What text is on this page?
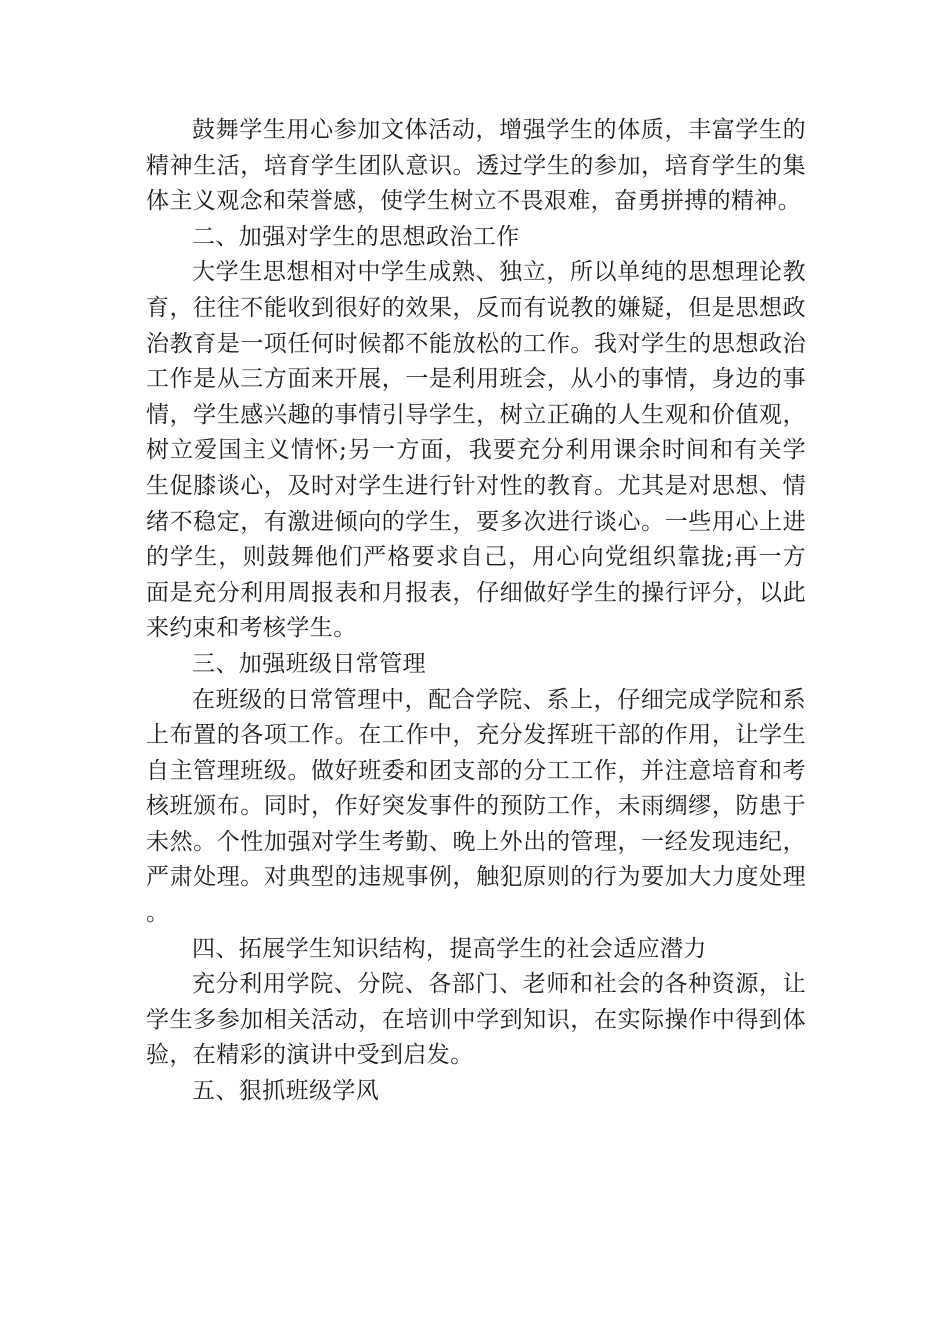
鼓舞学生用心参加文体活动，增强学生的体质，丰富学生的精神生活，培育学生团队意识。透过学生的参加，培育学生的集体主义观念和荣誉感，使学生树立不畏艰难，奋勇拼搏的精神。

二、加强对学生的思想政治工作

大学生思想相对中学生成熟、独立，所以单纯的思想理论教育，往往不能收到很好的效果，反而有说教的嫌疑，但是思想政治教育是一项任何时候都不能放松的工作。我对学生的思想政治工作是从三方面来开展，一是利用班会，从小的事情，身边的事情，学生感兴趣的事情引导学生，树立正确的人生观和价值观，树立爱国主义情怀;另一方面，我要充分利用课余时间和有关学生促膝谈心，及时对学生进行针对性的教育。尤其是对思想、情绪不稳定，有激进倾向的学生，要多次进行谈心。一些用心上进的学生，则鼓舞他们严格要求自己，用心向党组织靠拢;再一方面是充分利用周报表和月报表，仔细做好学生的操行评分，以此来约束和考核学生。

三、加强班级日常管理

在班级的日常管理中，配合学院、系上，仔细完成学院和系上布置的各项工作。在工作中，充分发挥班干部的作用，让学生自主管理班级。做好班委和团支部的分工工作，并注意培育和考核班颁布。同时，作好突发事件的预防工作，未雨绸缪，防患于未然。个性加强对学生考勤、晚上外出的管理，一经发现违纪，严肃处理。对典型的违规事例，触犯原则的行为要加大力度处理。

四、拓展学生知识结构，提高学生的社会适应潜力

充分利用学院、分院、各部门、老师和社会的各种资源，让学生多参加相关活动，在培训中学到知识，在实际操作中得到体验，在精彩的演讲中受到启发。

五、狠抓班级学风
